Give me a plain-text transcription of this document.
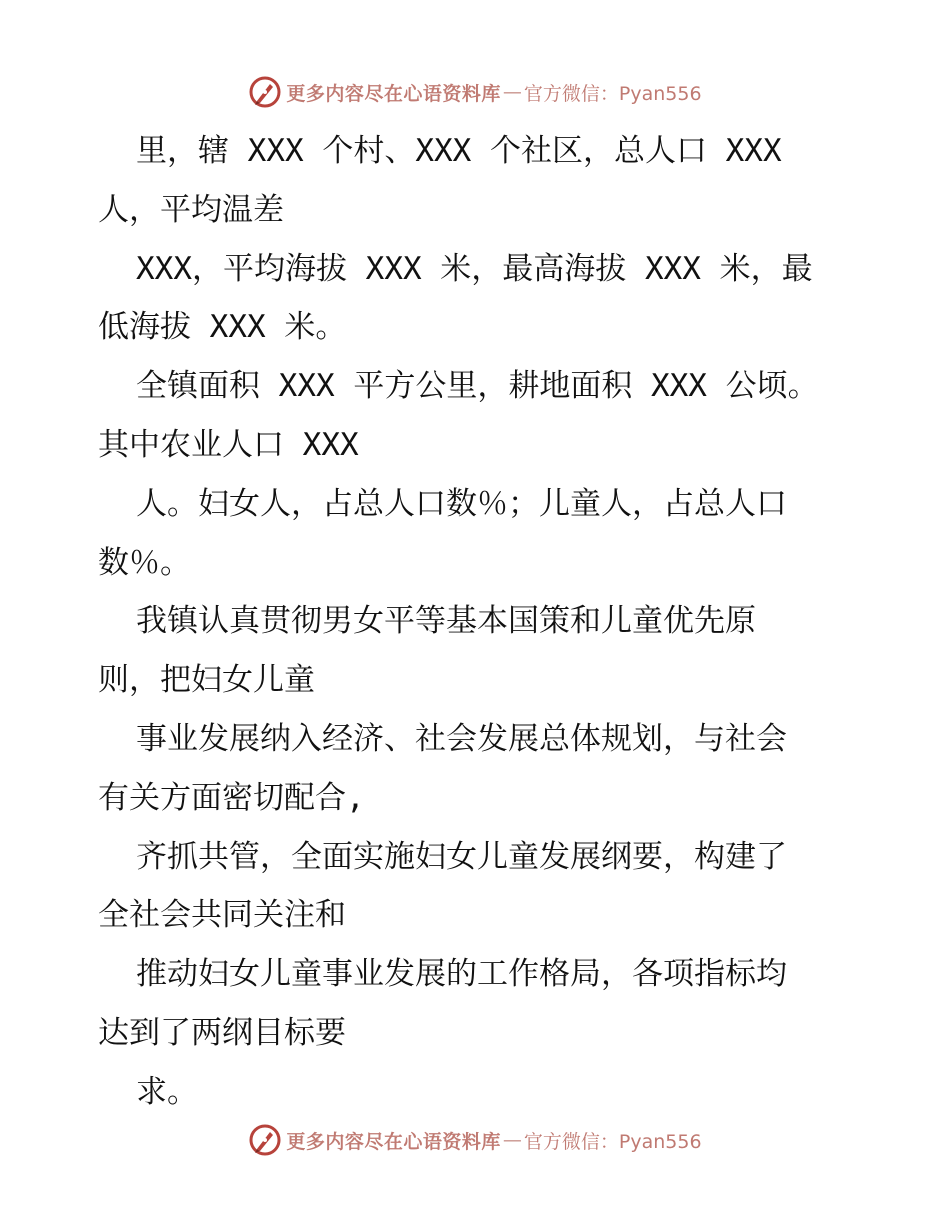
更多内容尽在心语资料库 — 官方微信：Pyan556
里，辖 XXX 个村、XXX 个社区，总人口 XXX
人，平均温差
XXX，平均海拔 XXX 米，最高海拔 XXX 米，最
低海拔 XXX 米。
全镇面积 XXX 平方公里，耕地面积 XXX 公顷。
其中农业人口 XXX
人。妇女人，占总人口数％；儿童人，占总人口
数％。
我镇认真贯彻男女平等基本国策和儿童优先原
则，把妇女儿童
事业发展纳入经济、社会发展总体规划，与社会
有关方面密切配合,
齐抓共管，全面实施妇女儿童发展纲要，构建了
全社会共同关注和
推动妇女儿童事业发展的工作格局，各项指标均
达到了两纲目标要
求。
更多内容尽在心语资料库 — 官方微信：Pyan556
